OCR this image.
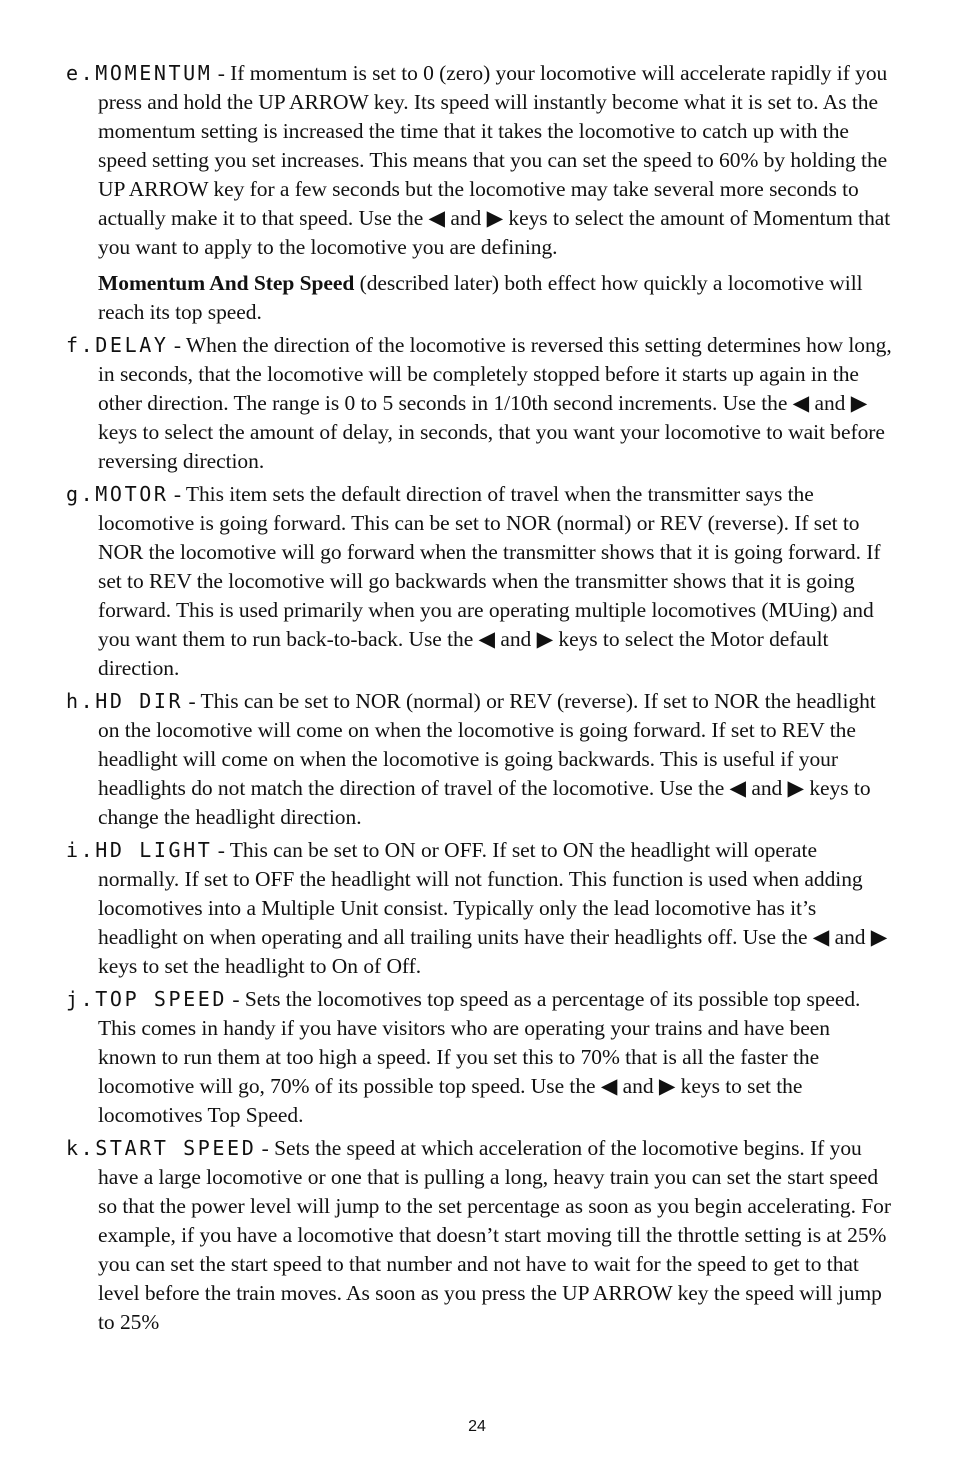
e.MOMENTUM - If momentum is set to 0 (zero) your locomotive will accelerate rapidly if you press and hold the UP ARROW key. Its speed will instantly become what it is set to. As the momentum setting is increased the time that it takes the locomotive to catch up with the speed setting you set increases. This means that you can set the speed to 60% by holding the UP ARROW key for a few seconds but the locomotive may take several more seconds to actually make it to that speed. Use the ◀ and ▶ keys to select the amount of Momentum that you want to apply to the locomotive you are defining.

Momentum And Step Speed (described later) both effect how quickly a locomotive will reach its top speed.

f.DELAY - When the direction of the locomotive is reversed this setting determines how long, in seconds, that the locomotive will be completely stopped before it starts up again in the other direction. The range is 0 to 5 seconds in 1/10th second increments. Use the ◀ and ▶ keys to select the amount of delay, in seconds, that you want your locomotive to wait before reversing direction.

g.MOTOR - This item sets the default direction of travel when the transmitter says the locomotive is going forward. This can be set to NOR (normal) or REV (reverse). If set to NOR the locomotive will go forward when the transmitter shows that it is going forward. If set to REV the locomotive will go backwards when the transmitter shows that it is going forward. This is used primarily when you are operating multiple locomotives (MUing) and you want them to run back-to-back. Use the ◀ and ▶ keys to select the Motor default direction.

h.HD DIR - This can be set to NOR (normal) or REV (reverse). If set to NOR the headlight on the locomotive will come on when the locomotive is going forward. If set to REV the headlight will come on when the locomotive is going backwards. This is useful if your headlights do not match the direction of travel of the locomotive. Use the ◀ and ▶ keys to change the headlight direction.

i.HD LIGHT - This can be set to ON or OFF. If set to ON the headlight will operate normally. If set to OFF the headlight will not function. This function is used when adding locomotives into a Multiple Unit consist. Typically only the lead locomotive has it’s headlight on when operating and all trailing units have their headlights off. Use the ◀ and ▶ keys to set the headlight to On of Off.

j.TOP SPEED - Sets the locomotives top speed as a percentage of its possible top speed. This comes in handy if you have visitors who are operating your trains and have been known to run them at too high a speed. If you set this to 70% that is all the faster the locomotive will go, 70% of its possible top speed. Use the ◀ and ▶ keys to set the locomotives Top Speed.

k.START SPEED - Sets the speed at which acceleration of the locomotive begins. If you have a large locomotive or one that is pulling a long, heavy train you can set the start speed so that the power level will jump to the set percentage as soon as you begin accelerating. For example, if you have a locomotive that doesn’t start moving till the throttle setting is at 25% you can set the start speed to that number and not have to wait for the speed to get to that level before the train moves. As soon as you press the UP ARROW key the speed will jump to 25%

24
